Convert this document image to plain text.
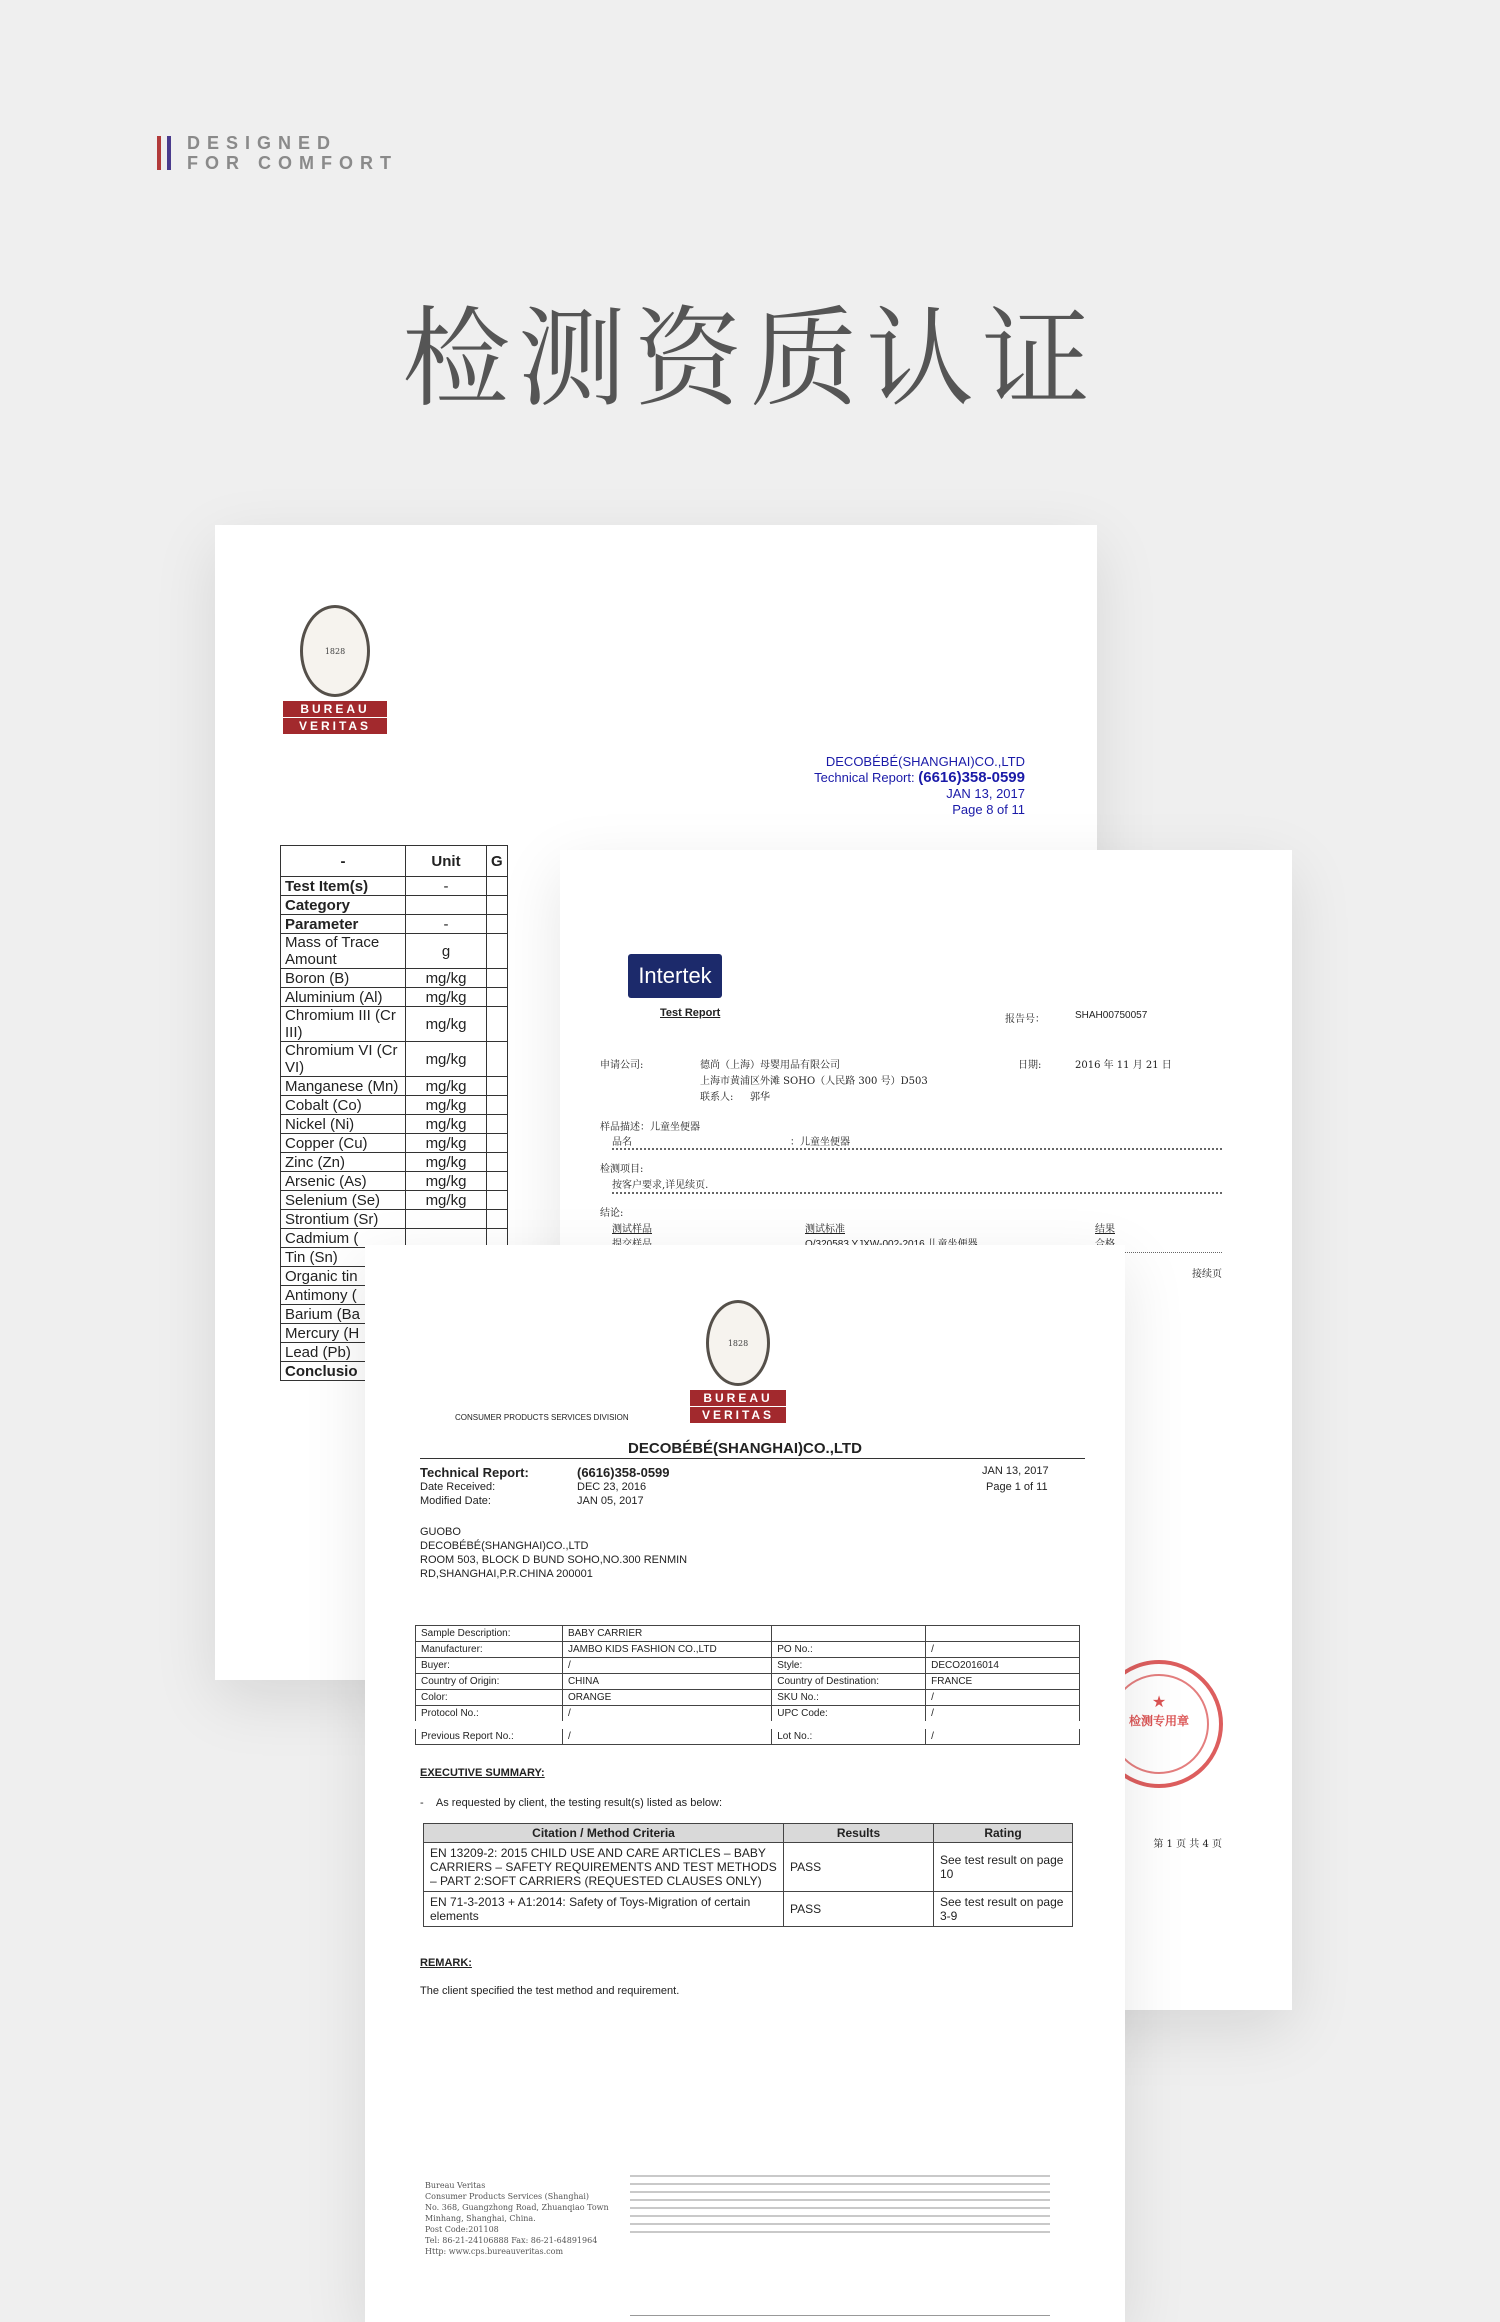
DESIGNED
FOR COMFORT
检测资质认证
1828
BUREAU
VERITAS
DECOBÉBÉ(SHANGHAI)CO.,LTD
Technical Report: (6616)358-0599
JAN 13, 2017
Page 8 of 11
-	Unit	G
Test Item(s)	-	
Category		
Parameter	-	
Mass of Trace Amount	g	
Boron (B)	mg/kg	
Aluminium (Al)	mg/kg	
Chromium III (Cr III)	mg/kg	
Chromium VI (Cr VI)	mg/kg	
Manganese (Mn)	mg/kg	
Cobalt (Co)	mg/kg	
Nickel (Ni)	mg/kg	
Copper (Cu)	mg/kg	
Zinc (Zn)	mg/kg	
Arsenic (As)	mg/kg	
Selenium (Se)	mg/kg	
Strontium (Sr)		
Cadmium (		
Tin (Sn)		
Organic tin		
Antimony (		
Barium (Ba		
Mercury (H		
Lead (Pb)		
Conclusio		
Intertek
Test Report
报告号：	SHAH00750057
申请公司:	德尚（上海）母婴用品有限公司
上海市黄浦区外滩 SOHO（人民路 300 号）D503
联系人: 郭华
日期:	2016 年 11 月 21 日
样品描述：儿童坐便器
品名	：儿童坐便器
检测项目:
按客户要求,详见续页.
结论:
测试样品	测试标准	结果
接续页
第 1 页 共 4 页
★
检测专用章
1828
BUREAU
VERITAS
CONSUMER PRODUCTS SERVICES DIVISION
DECOBÉBÉ(SHANGHAI)CO.,LTD
Technical Report:	(6616)358-0599
Date Received:	DEC 23, 2016
Modified Date:	JAN 05, 2017
JAN 13, 2017
Page 1 of 11
GUOBO
DECOBÉBÉ(SHANGHAI)CO.,LTD
ROOM 503, BLOCK D BUND SOHO,NO.300 RENMIN
RD,SHANGHAI,P.R.CHINA 200001
Sample Description:	BABY CARRIER		
Manufacturer:	JAMBO KIDS FASHION CO.,LTD	PO No.:	/
Buyer:	/	Style:	DECO2016014
Country of Origin:	CHINA	Country of Destination:	FRANCE
Color:	ORANGE	SKU No.:	/
Protocol No.:	/	UPC Code:	/
Previous Report No.:	/	Lot No.:	/
EXECUTIVE SUMMARY:
-    As requested by client, the testing result(s) listed as below:
Citation / Method Criteria	Results	Rating
EN 13209-2: 2015 CHILD USE AND CARE ARTICLES – BABY CARRIERS – SAFETY REQUIREMENTS AND TEST METHODS – PART 2:SOFT CARRIERS (REQUESTED CLAUSES ONLY)	PASS	See test result on page 10
EN 71-3-2013 + A1:2014: Safety of Toys-Migration of certain elements	PASS	See test result on page 3-9
REMARK:
The client specified the test method and requirement.
Bureau Veritas
Consumer Products Services (Shanghai)
No. 368, Guangzhong Road, Zhuanqiao Town
Minhang, Shanghai, China.
Post Code:201108
Tel: 86-21-24106888 Fax: 86-21-64891964
Http: www.cps.bureauveritas.com
